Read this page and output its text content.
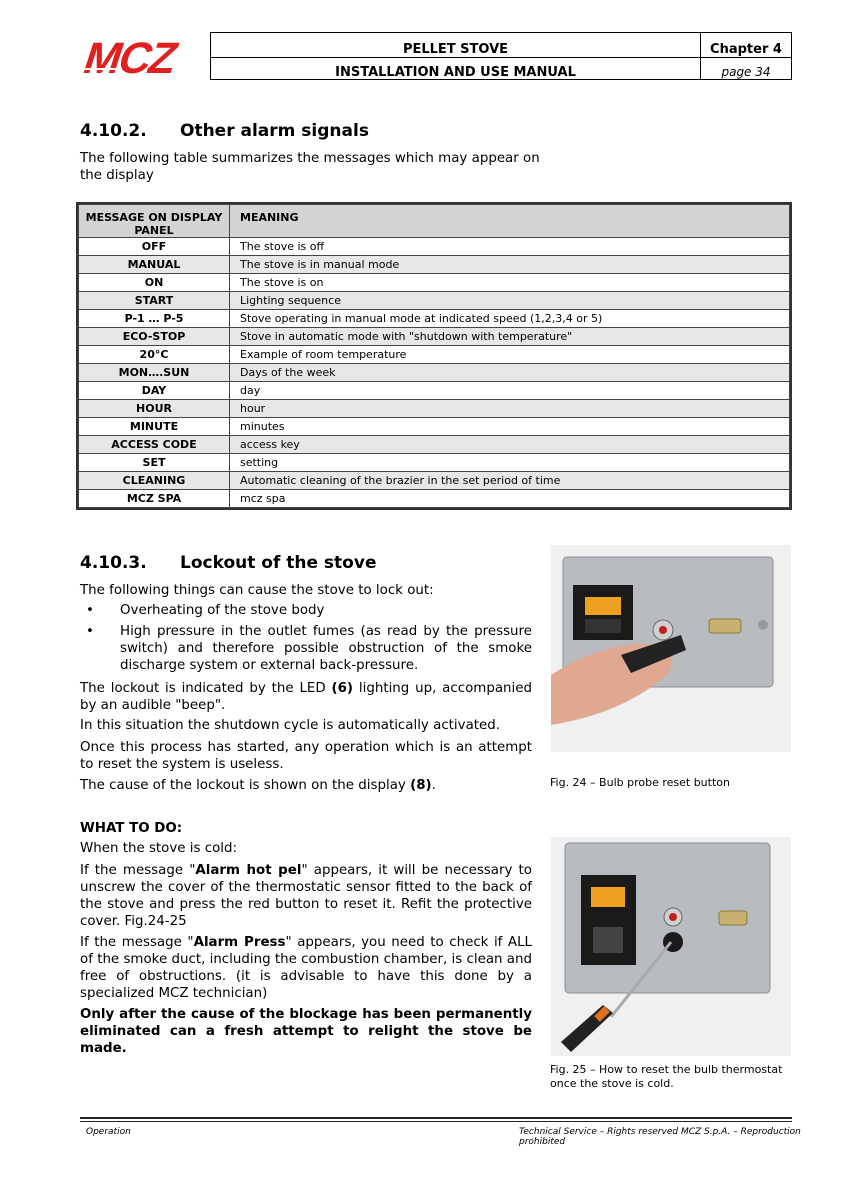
MCZ	PELLET STOVE
INSTALLATION AND USE MANUAL
Chapter 4
page 34
4.10.2. Other alarm signals
The following table summarizes the messages which may appear on the display
MESSAGE ON DISPLAY PANEL	MEANING
OFF	The stove is off
MANUAL	The stove is in manual mode
ON	The stove is on
START	Lighting sequence
P-1 … P-5	Stove operating in manual mode at indicated speed (1,2,3,4 or 5)
ECO-STOP	Stove in automatic mode with "shutdown with temperature"
20°C	Example of room temperature
MON….SUN	Days of the week
DAY	day
HOUR	hour
MINUTE	minutes
ACCESS CODE	access key
SET	setting
CLEANING	Automatic cleaning of the brazier in the set period of time
MCZ SPA	mcz spa
4.10.3. Lockout of the stove
The following things can cause the stove to lock out:
• Overheating of the stove body
• High pressure in the outlet fumes (as read by the pressure switch) and therefore possible obstruction of the smoke discharge system or external back-pressure.
The lockout is indicated by the LED (6) lighting up, accompanied by an audible "beep".
In this situation the shutdown cycle is automatically activated.
Once this process has started, any operation which is an attempt to reset the system is useless.
The cause of the lockout is shown on the display (8).
WHAT TO DO:
When the stove is cold:
If the message "Alarm hot pel" appears, it will be necessary to unscrew the cover of the thermostatic sensor fitted to the back of the stove and press the red button to reset it. Refit the protective cover. Fig.24-25
If the message "Alarm Press" appears, you need to check if ALL of the smoke duct, including the combustion chamber, is clean and free of obstructions. (it is advisable to have this done by a specialized MCZ technician)
Only after the cause of the blockage has been permanently eliminated can a fresh attempt to relight the stove be made.
Fig. 24 – Bulb probe reset button
Fig. 25 – How to reset the bulb thermostat once the stove is cold.
Operation	Technical Service – Rights reserved MCZ S.p.A. – Reproduction prohibited
